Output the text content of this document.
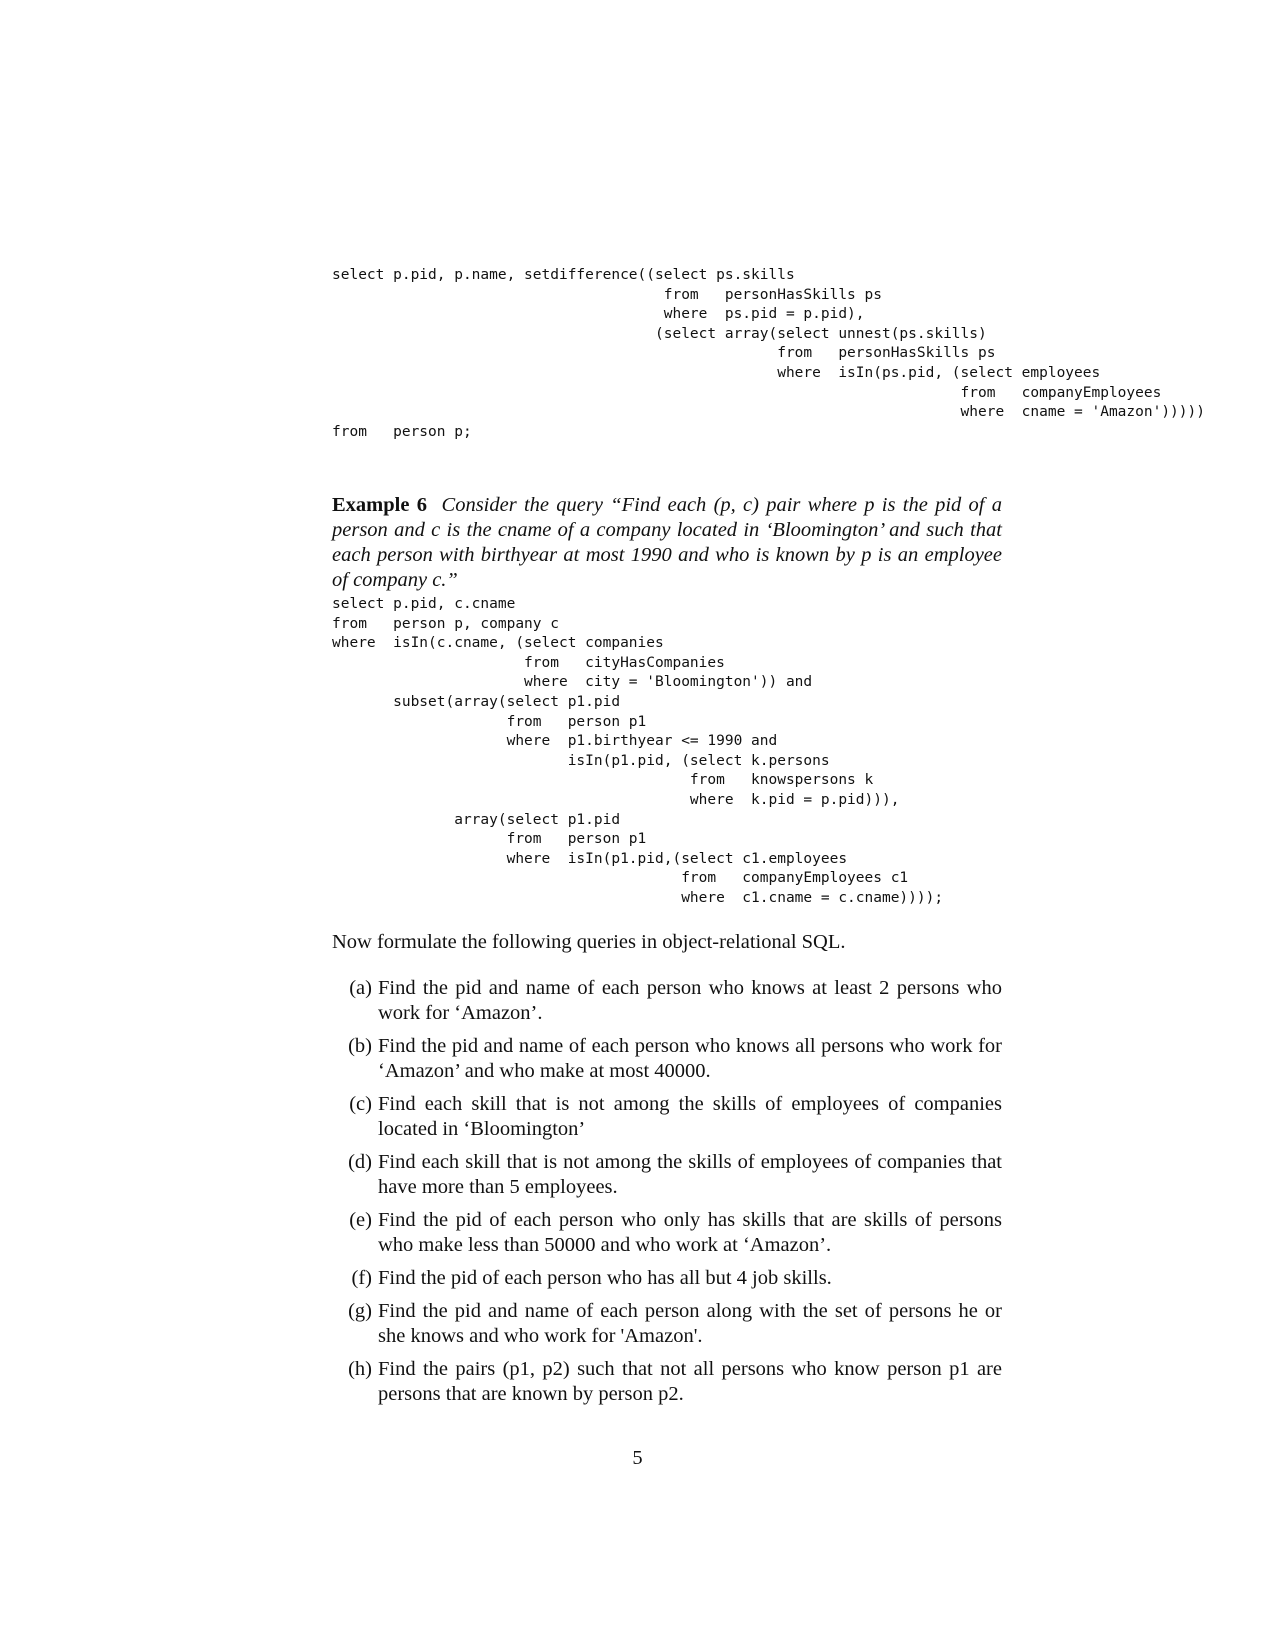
select p.pid, p.name, setdifference((select ps.skills
from   personHasSkills ps
where  ps.pid = p.pid),
(select array(select unnest(ps.skills)
from   personHasSkills ps
where  isIn(ps.pid, (select employees
from   companyEmployees
where  cname = 'Amazon')))))
from   person p;

Example 6 Consider the query “Find each (p, c) pair where p is the pid of a person and c is the cname of a company located in ‘Bloomington’ and such that each person with birthyear at most 1990 and who is known by p is an employee of company c.”

select p.pid, c.cname
from   person p, company c
where  isIn(c.cname, (select companies
from   cityHasCompanies
where  city = 'Bloomington')) and
subset(array(select p1.pid
from   person p1
where  p1.birthyear <= 1990 and
isIn(p1.pid, (select k.persons
from   knowspersons k
where  k.pid = p.pid))),
array(select p1.pid
from   person p1
where  isIn(p1.pid,(select c1.employees
from   companyEmployees c1
where  c1.cname = c.cname))));
Now formulate the following queries in object-relational SQL.
(a) Find the pid and name of each person who knows at least 2 persons who work for ‘Amazon’.
(b) Find the pid and name of each person who knows all persons who work for ‘Amazon’ and who make at most 40000.
(c) Find each skill that is not among the skills of employees of companies located in ‘Bloomington’
(d) Find each skill that is not among the skills of employees of companies that have more than 5 employees.
(e) Find the pid of each person who only has skills that are skills of persons who make less than 50000 and who work at ‘Amazon’.
(f) Find the pid of each person who has all but 4 job skills.
(g) Find the pid and name of each person along with the set of persons he or she knows and who work for 'Amazon'.
(h) Find the pairs (p1, p2) such that not all persons who know person p1 are persons that are known by person p2.
5
